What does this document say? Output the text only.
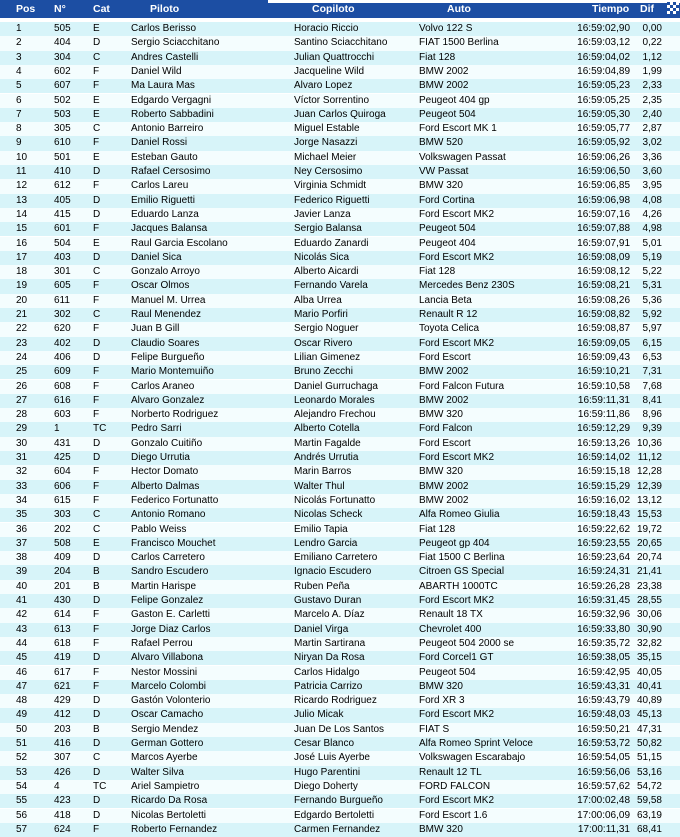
Pos	N°	Cat	Piloto	Copiloto	Auto	Tiempo Dif
1	505	E	Carlos Berisso	Horacio Riccio	Volvo 122 S	16:59:02,90	0,00
2	404	D	Sergio Sciacchitano	Santino Sciacchitano	FIAT 1500 Berlina	16:59:03,12	0,22
3	304	C	Andres Castelli	Julian Quattrocchi	Fiat 128	16:59:04,02	1,12
4	602	F	Daniel Wild	Jacqueline Wild	BMW 2002	16:59:04,89	1,99
5	607	F	Ma Laura Mas	Alvaro Lopez	BMW 2002	16:59:05,23	2,33
6	502	E	Edgardo Vergagni	Víctor Sorrentino	Peugeot 404 gp	16:59:05,25	2,35
7	503	E	Roberto Sabbadini	Juan Carlos Quiroga	Peugeot 504	16:59:05,30	2,40
8	305	C	Antonio Barreiro	Miguel Estable	Ford Escort MK 1	16:59:05,77	2,87
9	610	F	Daniel Rossi	Jorge Nasazzi	BMW 520	16:59:05,92	3,02
10	501	E	Esteban Gauto	Michael Meier	Volkswagen Passat	16:59:06,26	3,36
11	410	D	Rafael Cersosimo	Ney Cersosimo	VW Passat	16:59:06,50	3,60
12	612	F	Carlos Lareu	Virginia Schmidt	BMW 320	16:59:06,85	3,95
13	405	D	Emilio Riguetti	Federico Riguetti	Ford Cortina	16:59:06,98	4,08
14	415	D	Eduardo Lanza	Javier Lanza	Ford Escort MK2	16:59:07,16	4,26
15	601	F	Jacques Balansa	Sergio Balansa	Peugeot 504	16:59:07,88	4,98
16	504	E	Raul Garcia Escolano	Eduardo Zanardi	Peugeot 404	16:59:07,91	5,01
17	403	D	Daniel Sica	Nicolás Sica	Ford Escort MK2	16:59:08,09	5,19
18	301	C	Gonzalo Arroyo	Alberto Aicardi	Fiat 128	16:59:08,12	5,22
19	605	F	Oscar Olmos	Fernando Varela	Mercedes Benz 230S	16:59:08,21	5,31
20	611	F	Manuel M. Urrea	Alba Urrea	Lancia Beta	16:59:08,26	5,36
21	302	C	Raul Menendez	Mario Porfiri	Renault R 12	16:59:08,82	5,92
22	620	F	Juan B Gill	Sergio Noguer	Toyota Celica	16:59:08,87	5,97
23	402	D	Claudio Soares	Oscar Rivero	Ford Escort MK2	16:59:09,05	6,15
24	406	D	Felipe Burgueño	Lilian Gimenez	Ford Escort	16:59:09,43	6,53
25	609	F	Mario Montemuiño	Bruno Zecchi	BMW 2002	16:59:10,21	7,31
26	608	F	Carlos Araneo	Daniel Gurruchaga	Ford Falcon Futura	16:59:10,58	7,68
27	616	F	Alvaro Gonzalez	Leonardo Morales	BMW 2002	16:59:11,31	8,41
28	603	F	Norberto Rodriguez	Alejandro Frechou	BMW 320	16:59:11,86	8,96
29	1	TC	Pedro Sarri	Alberto Cotella	Ford Falcon	16:59:12,29	9,39
30	431	D	Gonzalo Cuitiño	Martin Fagalde	Ford Escort	16:59:13,26 10,36
31	425	D	Diego Urrutia	Andrés Urrutia	Ford Escort MK2	16:59:14,02 11,12
32	604	F	Hector Domato	Marin Barros	BMW 320	16:59:15,18 12,28
33	606	F	Alberto Dalmas	Walter Thul	BMW 2002	16:59:15,29 12,39
34	615	F	Federico Fortunatto	Nicolás Fortunatto	BMW 2002	16:59:16,02 13,12
35	303	C	Antonio Romano	Nicolas Scheck	Alfa Romeo Giulia	16:59:18,43 15,53
36	202	C	Pablo Weiss	Emilio Tapia	Fiat 128	16:59:22,62 19,72
37	508	E	Francisco Mouchet	Lendro Garcia	Peugeot gp 404	16:59:23,55 20,65
38	409	D	Carlos Carretero	Emiliano Carretero	Fiat 1500 C Berlina	16:59:23,64 20,74
39	204	B	Sandro Escudero	Ignacio Escudero	Citroen GS Special	16:59:24,31 21,41
40	201	B	Martin Harispe	Ruben Peña	ABARTH 1000TC	16:59:26,28 23,38
41	430	D	Felipe Gonzalez	Gustavo Duran	Ford Escort MK2	16:59:31,45 28,55
42	614	F	Gaston E. Carletti	Marcelo A. Díaz	Renault 18 TX	16:59:32,96 30,06
43	613	F	Jorge Diaz Carlos	Daniel Virga	Chevrolet 400	16:59:33,80 30,90
44	618	F	Rafael Perrou	Martin Sartirana	Peugeot 504 2000 se	16:59:35,72 32,82
45	419	D	Alvaro Villabona	Niryan Da Rosa	Ford Corcel1 GT	16:59:38,05 35,15
46	617	F	Nestor Mossini	Carlos Hidalgo	Peugeot 504	16:59:42,95 40,05
47	621	F	Marcelo Colombi	Patricia Carrizo	BMW 320	16:59:43,31 40,41
48	429	D	Gastón Volonterio	Ricardo Rodriguez	Ford XR 3	16:59:43,79 40,89
49	412	D	Oscar Camacho	Julio Micak	Ford Escort MK2	16:59:48,03 45,13
50	203	B	Sergio Mendez	Juan De Los Santos	FIAT S	16:59:50,21 47,31
51	416	D	German Gottero	Cesar Blanco	Alfa Romeo Sprint Veloce	16:59:53,72 50,82
52	307	C	Marcos Ayerbe	José Luis Ayerbe	Volkswagen Escarabajo	16:59:54,05 51,15
53	426	D	Walter Silva	Hugo Parentini	Renault 12 TL	16:59:56,06 53,16
54	4	TC	Ariel Sampietro	Diego Doherty	FORD FALCON	16:59:57,62 54,72
55	423	D	Ricardo Da Rosa	Fernando Burgueño	Ford Escort MK2	17:00:02,48 59,58
56	418	D	Nicolas Bertoletti	Edgardo Bertoletti	Ford Escort 1.6	17:00:06,09 63,19
57	624	F	Roberto Fernandez	Carmen Fernandez	BMW 320	17:00:11,31 68,41
